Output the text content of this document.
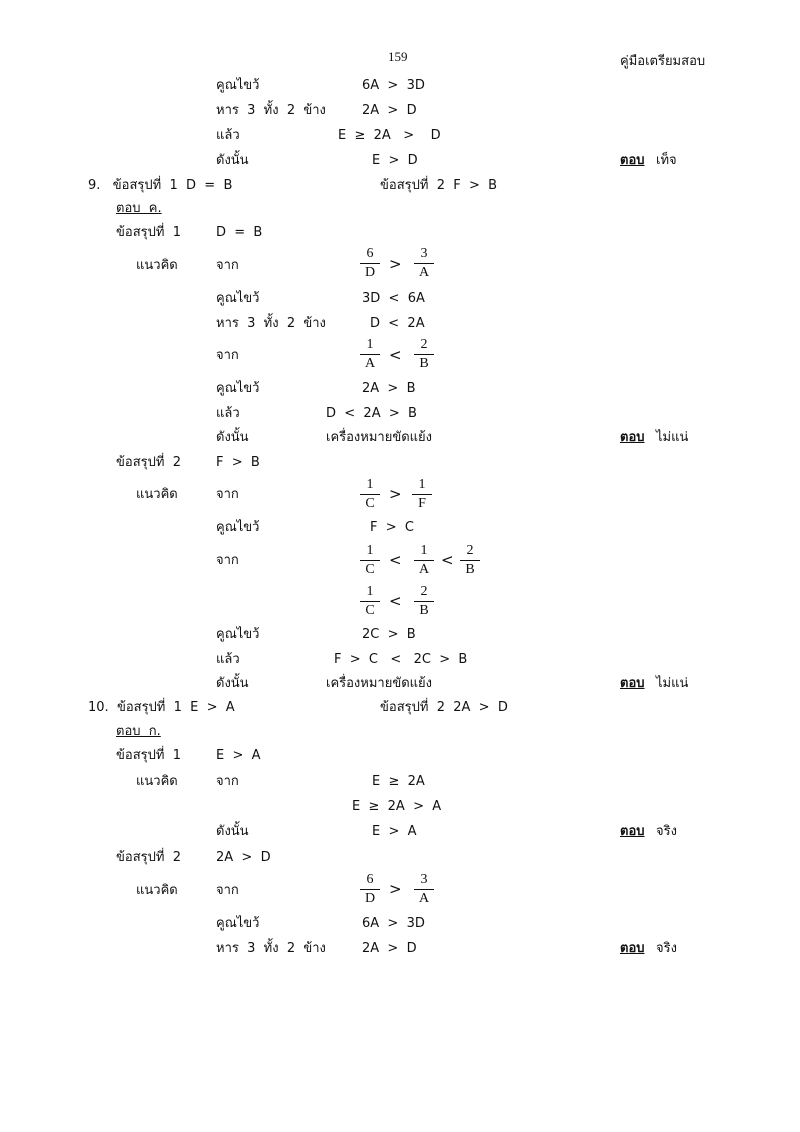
159	คู่มือเตรียมสอบ
คูณไขว้	6A  >  3D
หาร  3  ทั้ง  2  ข้าง	2A  >  D
แล้ว	E  ≥  2A   >    D
ดังนั้น	E  >  D	ตอบ เท็จ
9.   ข้อสรุปที่  1  D  =  B	ข้อสรุปที่  2  F  >  B
ตอบ  ค.
ข้อสรุปที่  1	D  =  B
แนวคิด	จาก	$\frac{6}{D} > \frac{3}{A}$
คูณไขว้	3D  <  6A
หาร  3  ทั้ง  2  ข้าง	D  <  2A
จาก	$\frac{1}{A} < \frac{2}{B}$
คูณไขว้	2A  >  B
แล้ว	D  <  2A  >  B
ดังนั้น	เครื่องหมายขัดแย้ง	ตอบ ไม่แน่
ข้อสรุปที่  2	F  >  B
แนวคิด	จาก	$\frac{1}{C} > \frac{1}{F}$
คูณไขว้	F  >  C
จาก	$\frac{1}{C} < \frac{1}{A} < \frac{2}{B}$
$\frac{1}{C} < \frac{2}{B}$
คูณไขว้	2C  >  B
แล้ว	F  >  C   <   2C  >  B
ดังนั้น	เครื่องหมายขัดแย้ง	ตอบ ไม่แน่
10.  ข้อสรุปที่  1  E  >  A	ข้อสรุปที่  2  2A  >  D
ตอบ  ก.
ข้อสรุปที่  1	E  >  A
แนวคิด	จาก	E  ≥  2A
E  ≥  2A  >  A
ดังนั้น	E  >  A	ตอบ จริง
ข้อสรุปที่  2	2A  >  D
แนวคิด	จาก	$\frac{6}{D} > \frac{3}{A}$
คูณไขว้	6A  >  3D
หาร  3  ทั้ง  2  ข้าง	2A  >  D	ตอบ จริง
